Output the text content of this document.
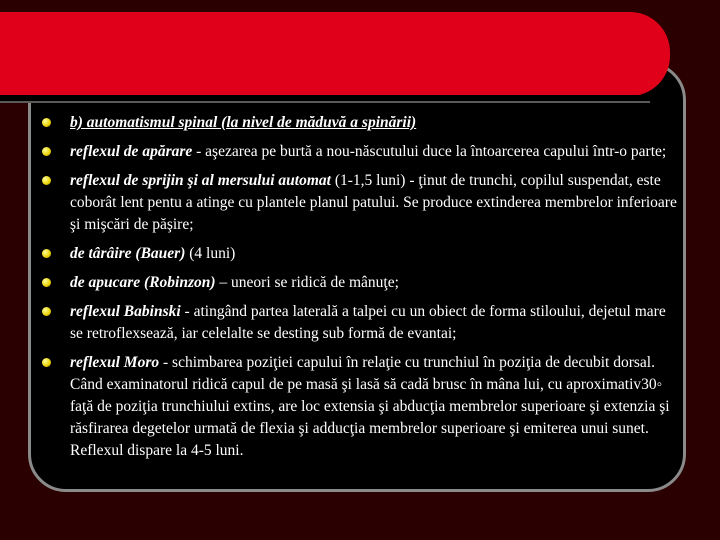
b) automatismul spinal (la nivel de măduvă a spinării)
reflexul de apărare - aşezarea pe burtă a nou-născutului duce la întoarcerea capului într-o parte;
reflexul de sprijin şi al mersului automat (1-1,5 luni) - ţinut de trunchi, copilul suspendat, este coborât lent pentu a atinge cu plantele planul patului. Se produce extinderea membrelor inferioare şi mişcări de păşire;
de târâire (Bauer) (4 luni)
de apucare (Robinzon) – uneori se ridică de mânuţe;
reflexul Babinski - atingând partea laterală a talpei cu un obiect de forma stiloului, dejetul mare se retroflexsează, iar celelalte se desting sub formă de evantai;
reflexul Moro - schimbarea poziţiei capului în relaţie cu trunchiul în poziţia de decubit dorsal. Când examinatorul ridică capul de pe masă şi lasă să cadă brusc în mâna lui, cu aproximativ30◦ faţă de poziţia trunchiului extins, are loc extensia şi abducţia membrelor superioare şi extenzia şi răsfirarea degetelor urmată de flexia şi adducţia membrelor superioare şi emiterea unui sunet. Reflexul dispare la 4-5 luni.
